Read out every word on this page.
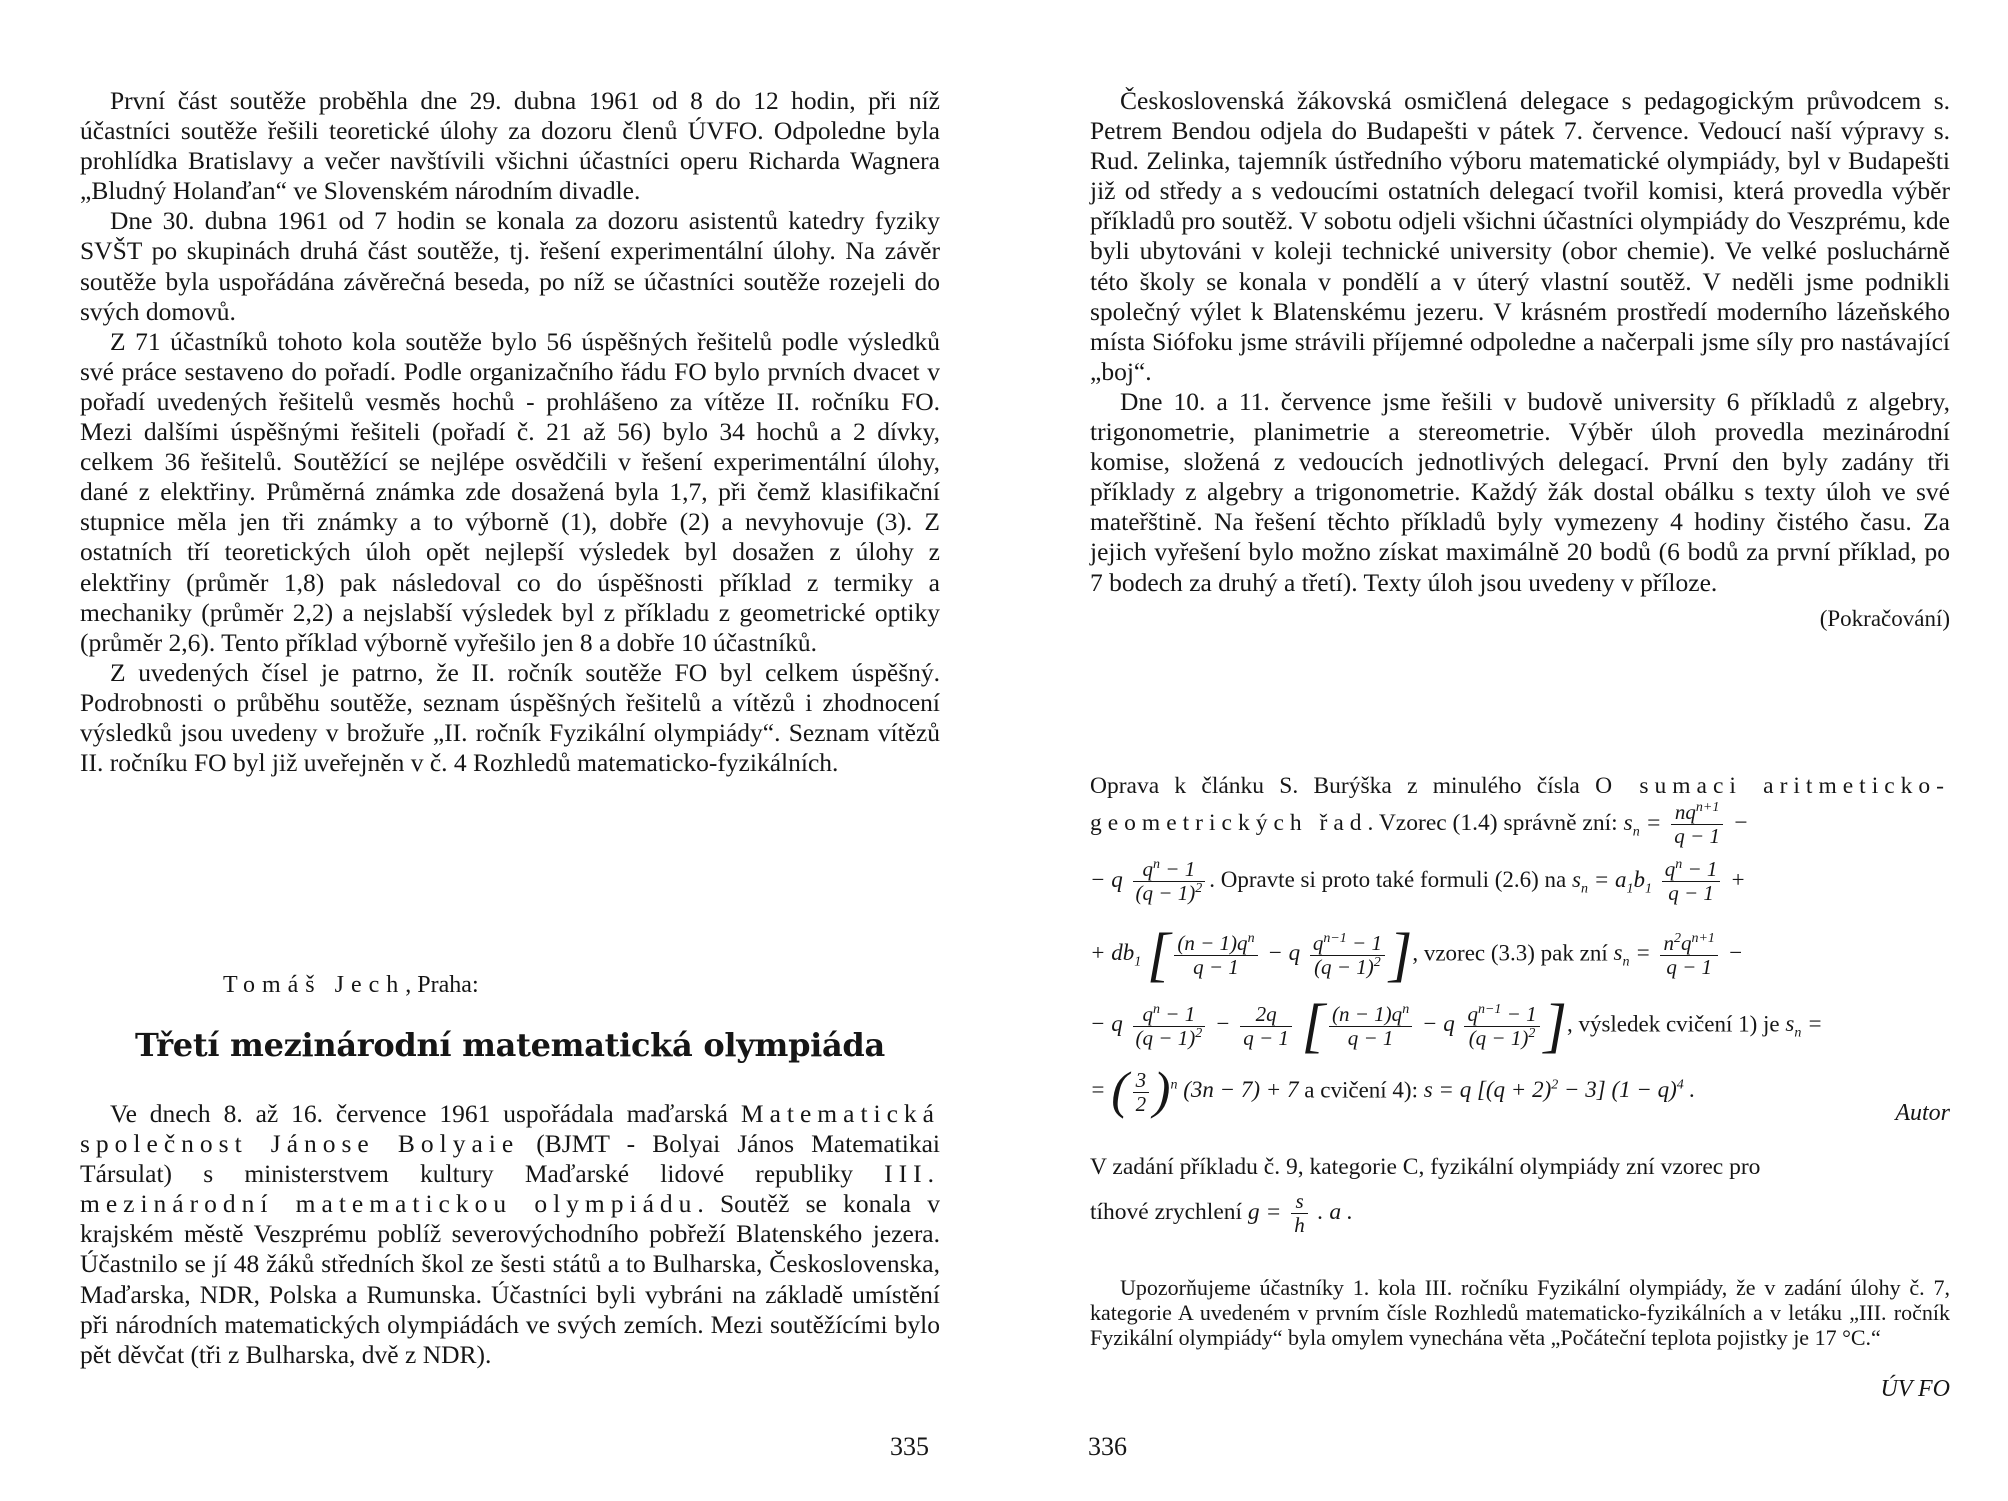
První část soutěže proběhla dne 29. dubna 1961 od 8 do 12 hodin, při níž účastníci soutěže řešili teoretické úlohy za dozoru členů ÚVFO. Odpoledne byla prohlídka Bratislavy a večer navštívili všichni účastníci operu Richarda Wagnera „Bludný Holanďan“ ve Slovenském národním divadle.

Dne 30. dubna 1961 od 7 hodin se konala za dozoru asistentů katedry fyziky SVŠT po skupinách druhá část soutěže, tj. řešení experimentální úlohy. Na závěr soutěže byla uspořádána závěrečná beseda, po níž se účastníci soutěže rozejeli do svých domovů.

Z 71 účastníků tohoto kola soutěže bylo 56 úspěšných řešitelů podle výsledků své práce sestaveno do pořadí. Podle organizačního řádu FO bylo prvních dvacet v pořadí uvedených řešitelů vesměs hochů - prohlášeno za vítěze II. ročníku FO. Mezi dalšími úspěšnými řešiteli (pořadí č. 21 až 56) bylo 34 hochů a 2 dívky, celkem 36 řešitelů. Soutěžící se nejlépe osvědčili v řešení experimentální úlohy, dané z elektřiny. Průměrná známka zde dosažená byla 1,7, při čemž klasifikační stupnice měla jen tři známky a to výborně (1), dobře (2) a nevyhovuje (3). Z ostatních tří teoretických úloh opět nejlepší výsledek byl dosažen z úlohy z elektřiny (průměr 1,8) pak následoval co do úspěšnosti příklad z termiky a mechaniky (průměr 2,2) a nejslabší výsledek byl z příkladu z geometrické optiky (průměr 2,6). Tento příklad výborně vyřešilo jen 8 a dobře 10 účastníků.

Z uvedených čísel je patrno, že II. ročník soutěže FO byl celkem úspěšný. Podrobnosti o průběhu soutěže, seznam úspěšných řešitelů a vítězů i zhodnocení výsledků jsou uvedeny v brožuře „II. ročník Fyzikální olympiády“. Seznam vítězů II. ročníku FO byl již uveřejněn v č. 4 Rozhledů matematicko-fyzikálních.

Tomáš Jech, Praha:
Třetí mezinárodní matematická olympiáda

Ve dnech 8. až 16. července 1961 uspořádala maďarská Matematická společnost Jánose Bolyaie (BJMT - Bolyai János Matematikai Társulat) s ministerstvem kultury Maďarské lidové republiky III. mezinárodní matematickou olympiádu. Soutěž se konala v krajském městě Veszprému poblíž severovýchodního pobřeží Blatenského jezera. Účastnilo se jí 48 žáků středních škol ze šesti států a to Bulharska, Československa, Maďarska, NDR, Polska a Rumunska. Účastníci byli vybráni na základě umístění při národních matematických olympiádách ve svých zemích. Mezi soutěžícími bylo pět děvčat (tři z Bulharska, dvě z NDR).

335

Československá žákovská osmičlená delegace s pedagogickým průvodcem s. Petrem Bendou odjela do Budapešti v pátek 7. července. Vedoucí naší výpravy s. Rud. Zelinka, tajemník ústředního výboru matematické olympiády, byl v Budapešti již od středy a s vedoucími ostatních delegací tvořil komisi, která provedla výběr příkladů pro soutěž. V sobotu odjeli všichni účastníci olympiády do Veszprému, kde byli ubytováni v koleji technické university (obor chemie). Ve velké posluchárně této školy se konala v pondělí a v úterý vlastní soutěž. V neděli jsme podnikli společný výlet k Blatenskému jezeru. V krásném prostředí moderního lázeňského místa Siófoku jsme strávili příjemné odpoledne a načerpali jsme síly pro nastávající „boj“.

Dne 10. a 11. července jsme řešili v budově university 6 příkladů z algebry, trigonometrie, planimetrie a stereometrie. Výběr úloh provedla mezinárodní komise, složená z vedoucích jednotlivých delegací. První den byly zadány tři příklady z algebry a trigonometrie. Každý žák dostal obálku s texty úloh ve své mateřštině. Na řešení těchto příkladů byly vymezeny 4 hodiny čistého času. Za jejich vyřešení bylo možno získat maximálně 20 bodů (6 bodů za první příklad, po 7 bodech za druhý a třetí). Texty úloh jsou uvedeny v příloze.

(Pokračování)

Oprava k článku S. Burýška z minulého čísla O sumaci aritmeticko-geometrických řad. Vzorec (1.4) správně zní: $s_n = \frac{nq^{n+1}}{q - 1}$ −
− q $\frac{q^n - 1}{(q - 1)^2}$ . Opravte si proto také formuli (2.6) na $s_n = a_1b_1 \frac{q^n - 1}{q - 1}$ +
+ $db_1$ [ $\frac{(n - 1)q^n}{q - 1} - q \frac{q^{n-1} - 1}{(q - 1)^2}$ ], vzorec (3.3) pak zní $s_n = \frac{n^2q^{n+1}}{q - 1}$ −
− q $\frac{q^n - 1}{(q - 1)^2} - \frac{2q}{q - 1}$ [ $\frac{(n - 1)q^n}{q - 1} - q \frac{q^{n-1} - 1}{(q - 1)^2}$ ], výsledek cvičení 1) je $s_n$ =
= ( $\frac{3}{2} )^n$ (3n − 7) + 7 a cvičení 4): s = q $[(q + 2)^2 - 3]$ $(1 - q)^4$ .
Autor
V zadání příkladu č. 9, kategorie C, fyzikální olympiády zní vzorec pro
tíhové zrychlení $g = \frac{s}{h}$ . a .

Upozorňujeme účastníky 1. kola III. ročníku Fyzikální olympiády, že v zadání úlohy č. 7, kategorie A uvedeném v prvním čísle Rozhledů matematicko-fyzikálních a v letáku „III. ročník Fyzikální olympiády“ byla omylem vynechána věta „Počáteční teplota pojistky je 17 °C.“

ÚV FO
336
